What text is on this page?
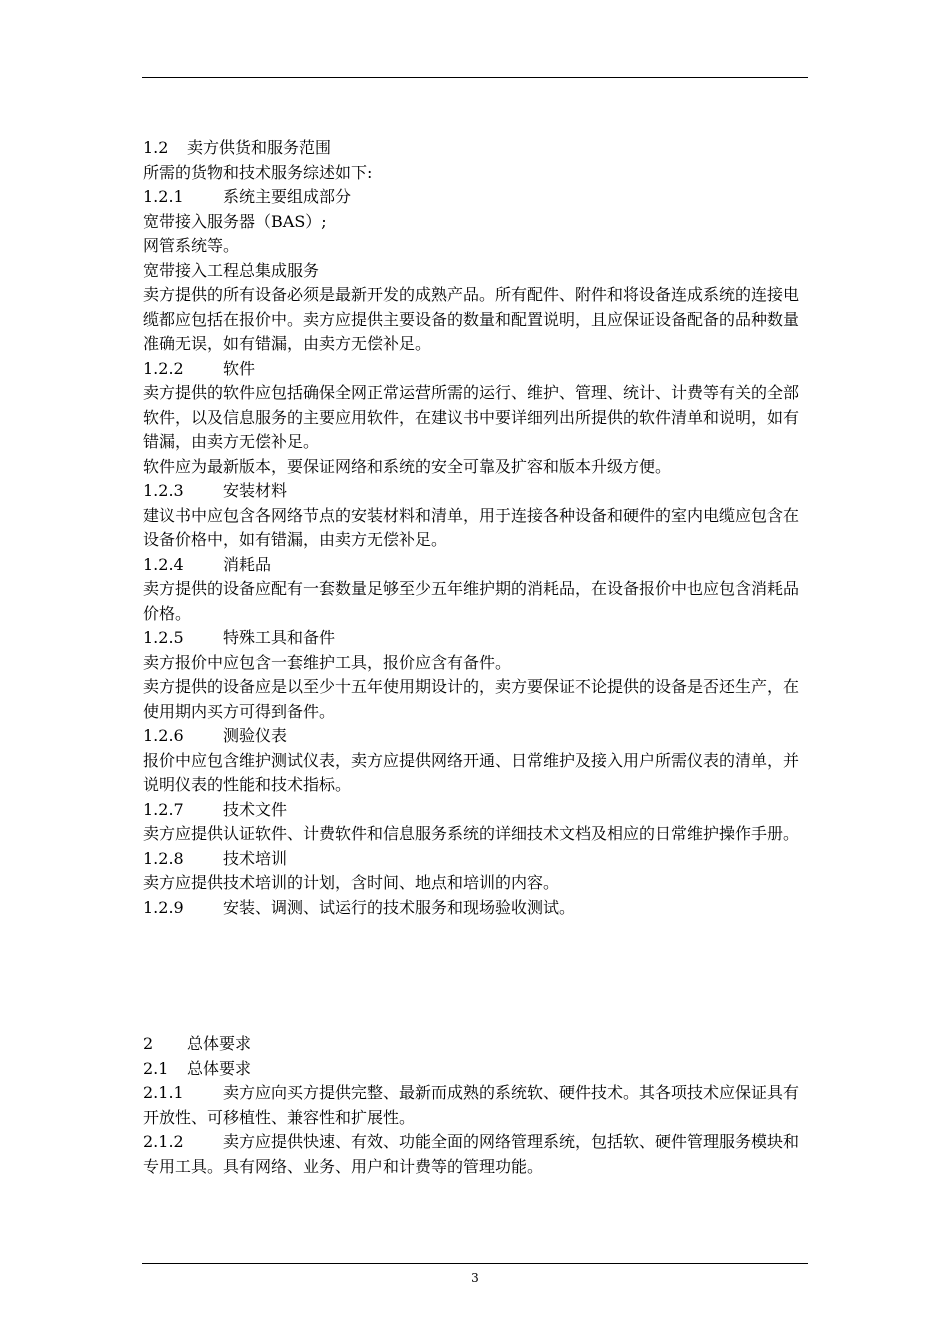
1.2 卖方供货和服务范围

所需的货物和技术服务综述如下:

1.2.1 系统主要组成部分

宽带接入服务器（BAS）;

网管系统等。

宽带接入工程总集成服务

卖方提供的所有设备必须是最新开发的成熟产品。所有配件、附件和将设备连成系统的连接电缆都应包括在报价中。卖方应提供主要设备的数量和配置说明，且应保证设备配备的品种数量准确无误，如有错漏，由卖方无偿补足。

1.2.2 软件

卖方提供的软件应包括确保全网正常运营所需的运行、维护、管理、统计、计费等有关的全部软件，以及信息服务的主要应用软件，在建议书中要详细列出所提供的软件清单和说明，如有错漏，由卖方无偿补足。

软件应为最新版本，要保证网络和系统的安全可靠及扩容和版本升级方便。

1.2.3 安装材料

建议书中应包含各网络节点的安装材料和清单，用于连接各种设备和硬件的室内电缆应包含在设备价格中，如有错漏，由卖方无偿补足。

1.2.4 消耗品

卖方提供的设备应配有一套数量足够至少五年维护期的消耗品，在设备报价中也应包含消耗品价格。

1.2.5 特殊工具和备件

卖方报价中应包含一套维护工具，报价应含有备件。

卖方提供的设备应是以至少十五年使用期设计的，卖方要保证不论提供的设备是否还生产，在使用期内买方可得到备件。

1.2.6 测验仪表

报价中应包含维护测试仪表，卖方应提供网络开通、日常维护及接入用户所需仪表的清单，并说明仪表的性能和技术指标。

1.2.7 技术文件

卖方应提供认证软件、计费软件和信息服务系统的详细技术文档及相应的日常维护操作手册。

1.2.8 技术培训

卖方应提供技术培训的计划，含时间、地点和培训的内容。

1.2.9 安装、调测、试运行的技术服务和现场验收测试。

2 总体要求

2.1 总体要求

2.1.1 卖方应向买方提供完整、最新而成熟的系统软、硬件技术。其各项技术应保证具有开放性、可移植性、兼容性和扩展性。

2.1.2 卖方应提供快速、有效、功能全面的网络管理系统，包括软、硬件管理服务模块和专用工具。具有网络、业务、用户和计费等的管理功能。

3
